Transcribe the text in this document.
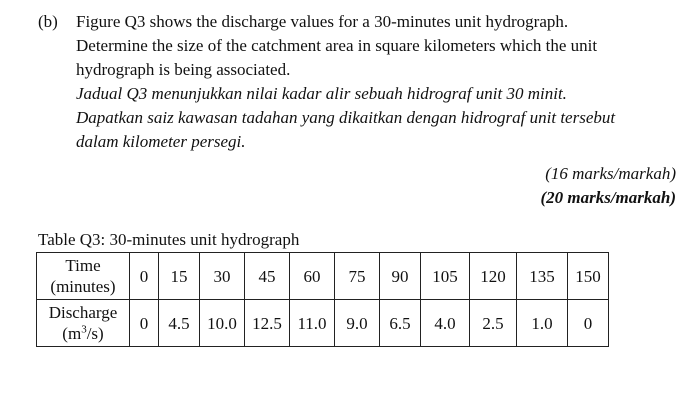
(b) Figure Q3 shows the discharge values for a 30-minutes unit hydrograph.

Determine the size of the catchment area in square kilometers which the unit

hydrograph is being associated.

Jadual Q3 menunjukkan nilai kadar alir sebuah hidrograf unit 30 minit.

Dapatkan saiz kawasan tadahan yang dikaitkan dengan hidrograf unit tersebut

dalam kilometer persegi.

(16 marks/markah)
(20 marks/markah)
Table Q3: 30-minutes unit hydrograph
Time
(minutes)	0	15	30	45	60	75	90	105	120	135	150

Discharge
$(m^3/s)$	0	4.5	10.0	12.5	11.0	9.0	6.5	4.0	2.5	1.0	0
